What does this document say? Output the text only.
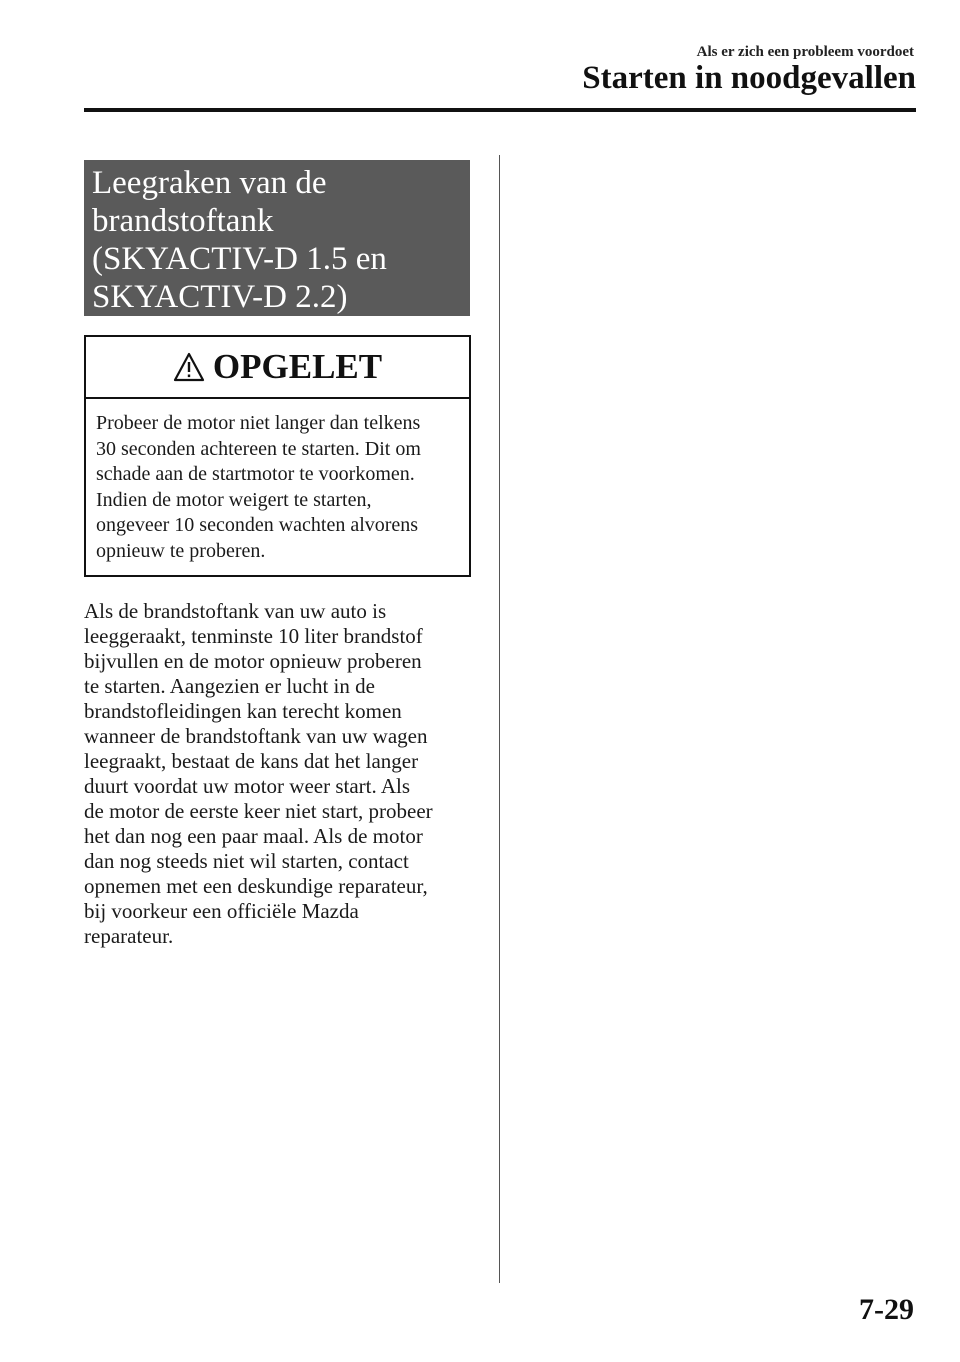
Als er zich een probleem voordoet
Starten in noodgevallen
Leegraken van de
brandstoftank
(SKYACTIV-D 1.5 en
SKYACTIV-D 2.2)
OPGELET
Probeer de motor niet langer dan telkens
30 seconden achtereen te starten. Dit om
schade aan de startmotor te voorkomen.
Indien de motor weigert te starten,
ongeveer 10 seconden wachten alvorens
opnieuw te proberen.
Als de brandstoftank van uw auto is
leeggeraakt, tenminste 10 liter brandstof
bijvullen en de motor opnieuw proberen
te starten. Aangezien er lucht in de
brandstofleidingen kan terecht komen
wanneer de brandstoftank van uw wagen
leegraakt, bestaat de kans dat het langer
duurt voordat uw motor weer start. Als
de motor de eerste keer niet start, probeer
het dan nog een paar maal. Als de motor
dan nog steeds niet wil starten, contact
opnemen met een deskundige reparateur,
bij voorkeur een officiële Mazda
reparateur.
7-29
